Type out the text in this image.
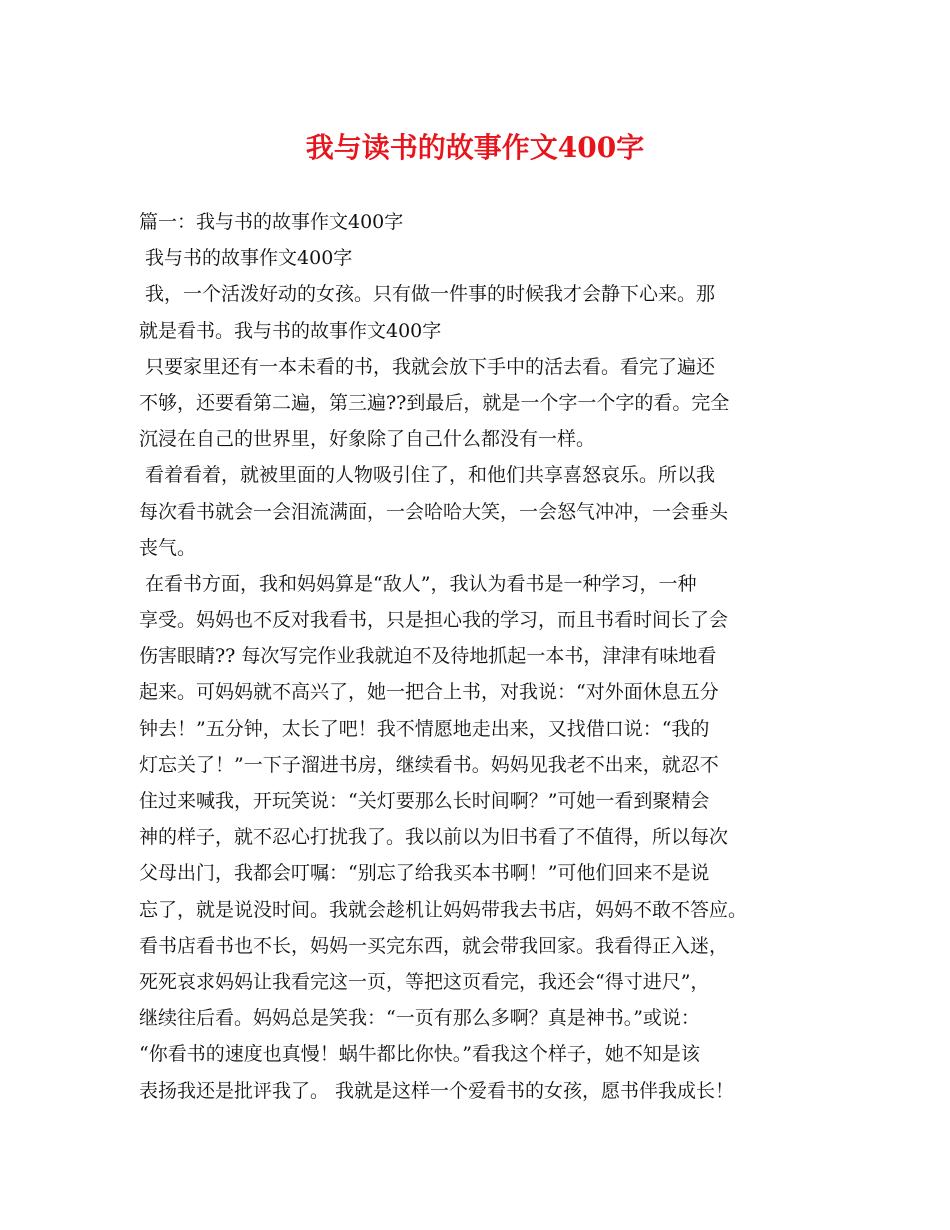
我与读书的故事作文400字
篇一：我与书的故事作文400字
我与书的故事作文400字
我，一个活泼好动的女孩。只有做一件事的时候我才会静下心来。那
就是看书。我与书的故事作文400字
只要家里还有一本未看的书，我就会放下手中的活去看。看完了遍还
不够，还要看第二遍，第三遍??到最后，就是一个字一个字的看。完全
沉浸在自己的世界里，好象除了自己什么都没有一样。
看着看着，就被里面的人物吸引住了，和他们共享喜怒哀乐。所以我
每次看书就会一会泪流满面，一会哈哈大笑，一会怒气冲冲，一会垂头
丧气。
在看书方面，我和妈妈算是“敌人”，我认为看书是一种学习，一种
享受。妈妈也不反对我看书，只是担心我的学习，而且书看时间长了会
伤害眼睛?? 每次写完作业我就迫不及待地抓起一本书，津津有味地看
起来。可妈妈就不高兴了，她一把合上书，对我说：“对外面休息五分
钟去！”五分钟，太长了吧！我不情愿地走出来，又找借口说：“我的
灯忘关了！”一下子溜进书房，继续看书。妈妈见我老不出来，就忍不
住过来喊我，开玩笑说：“关灯要那么长时间啊？”可她一看到聚精会
神的样子，就不忍心打扰我了。我以前以为旧书看了不值得，所以每次
父母出门，我都会叮嘱：“别忘了给我买本书啊！”可他们回来不是说
忘了，就是说没时间。我就会趁机让妈妈带我去书店，妈妈不敢不答应。
看书店看书也不长，妈妈一买完东西，就会带我回家。我看得正入迷，
死死哀求妈妈让我看完这一页，等把这页看完，我还会“得寸进尺”，
继续往后看。妈妈总是笑我：“一页有那么多啊？真是神书。”或说：
“你看书的速度也真慢！蜗牛都比你快。”看我这个样子，她不知是该
表扬我还是批评我了。 我就是这样一个爱看书的女孩，愿书伴我成长！
